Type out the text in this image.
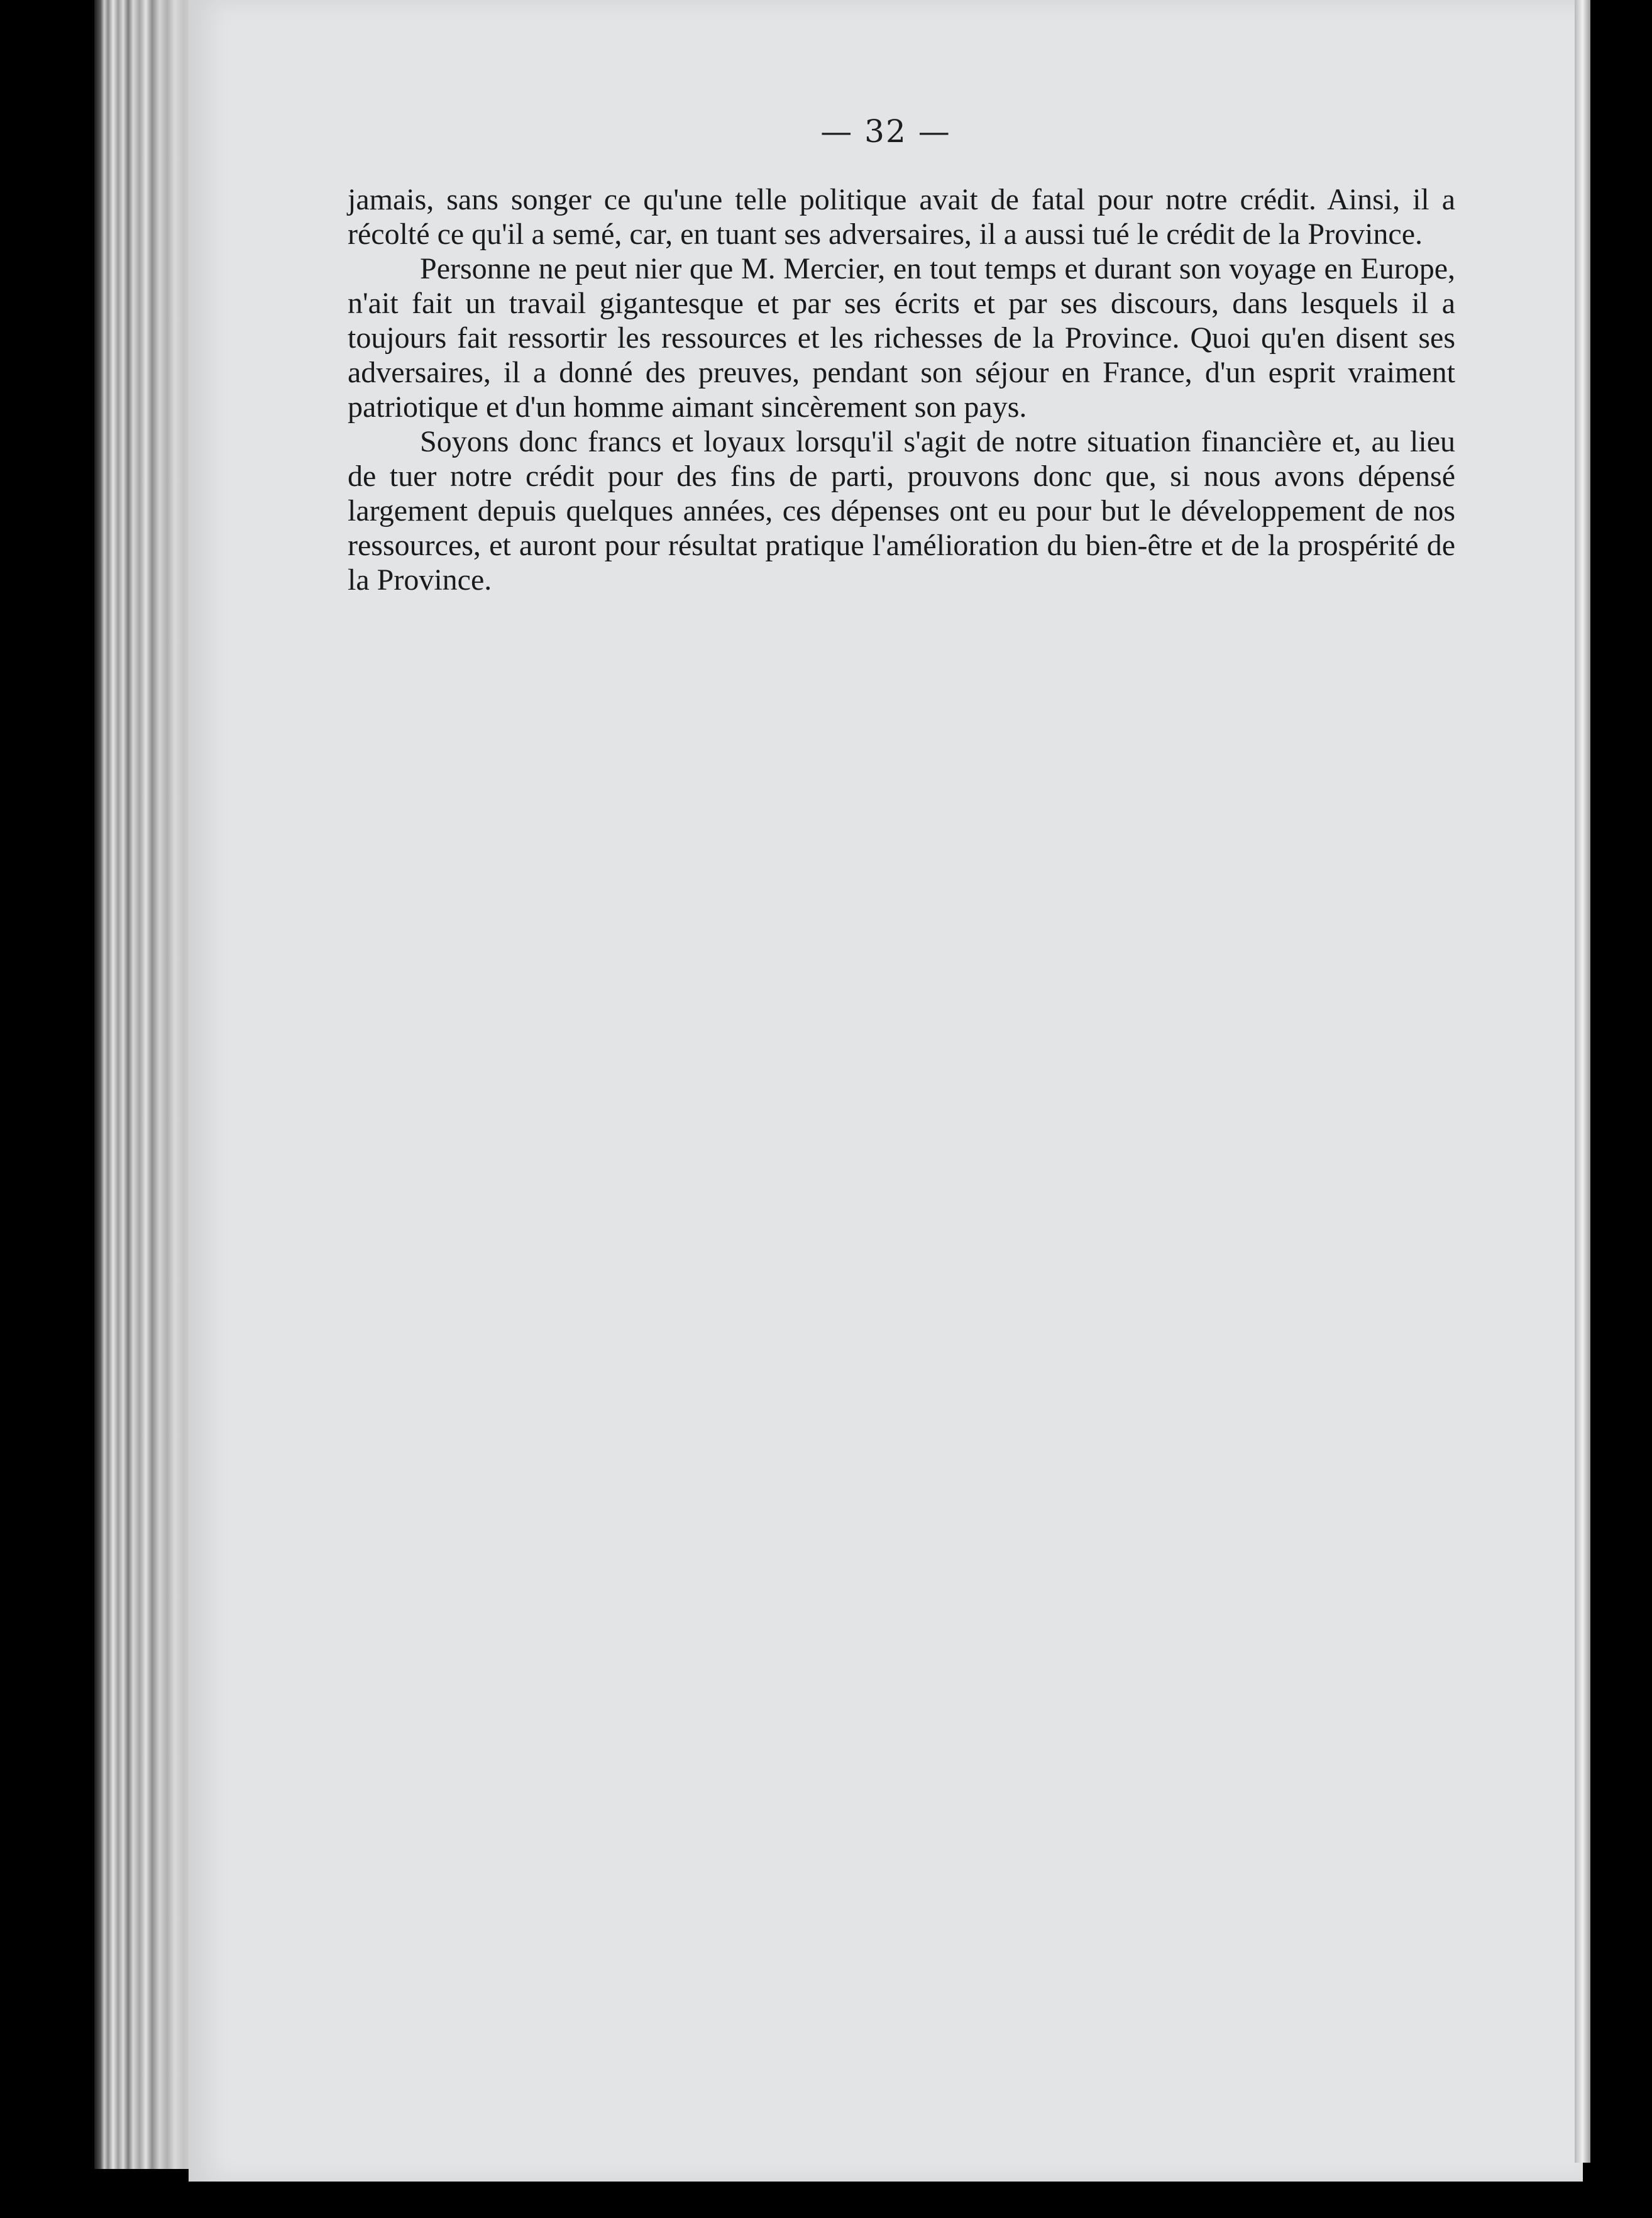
— 32 —

jamais, sans songer ce qu'une telle politique avait de fatal pour notre crédit. Ainsi, il a récolté ce qu'il a semé, car, en tuant ses adversaires, il a aussi tué le crédit de la Province.

Personne ne peut nier que M. Mercier, en tout temps et durant son voyage en Europe, n'ait fait un travail gigantesque et par ses écrits et par ses discours, dans lesquels il a toujours fait ressortir les ressources et les richesses de la Province. Quoi qu'en disent ses adversaires, il a donné des preuves, pendant son séjour en France, d'un esprit vraiment patriotique et d'un homme aimant sincèrement son pays.

Soyons donc francs et loyaux lorsqu'il s'agit de notre situation financière et, au lieu de tuer notre crédit pour des fins de parti, prouvons donc que, si nous avons dépensé largement depuis quelques années, ces dépenses ont eu pour but le développement de nos ressources, et auront pour résultat pratique l'amélioration du bien-être et de la prospérité de la Province.
